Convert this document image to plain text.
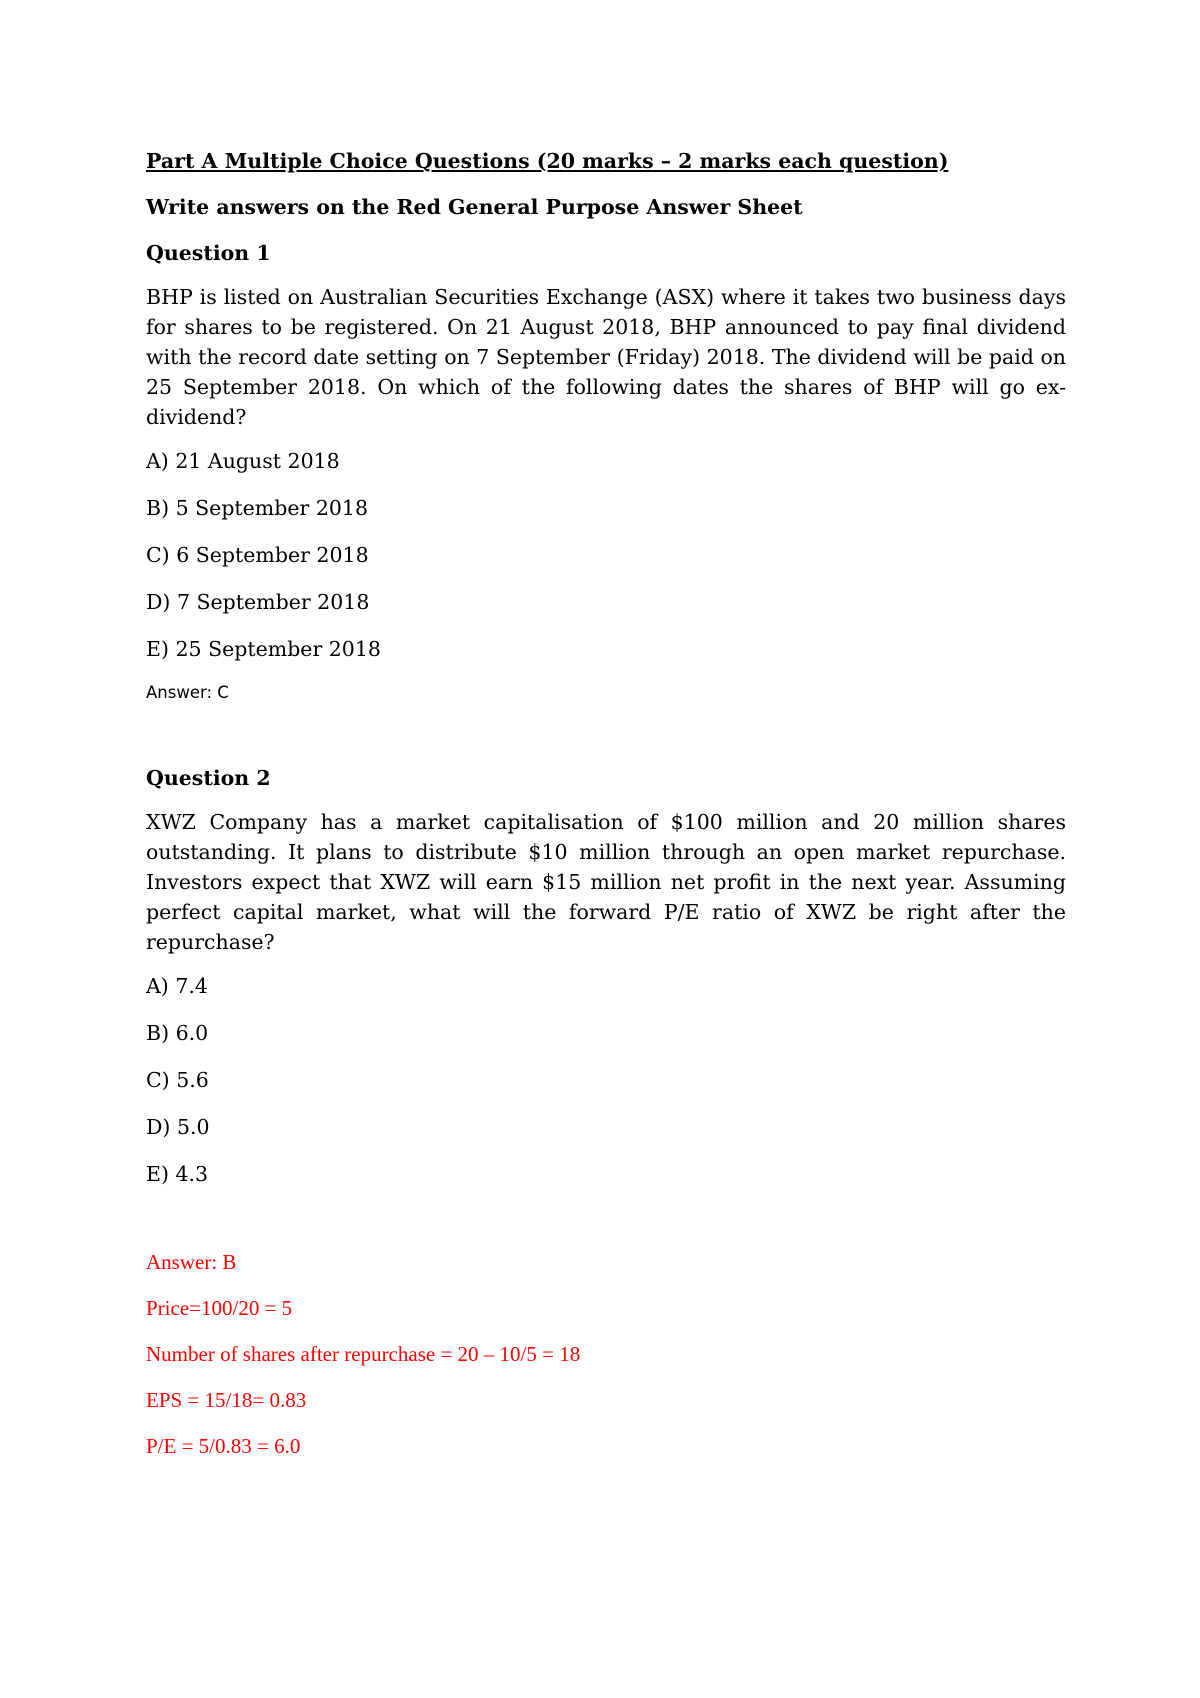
Part A Multiple Choice Questions (20 marks – 2 marks each question)

Write answers on the Red General Purpose Answer Sheet

Question 1

BHP is listed on Australian Securities Exchange (ASX) where it takes two business days for shares to be registered. On 21 August 2018, BHP announced to pay final dividend with the record date setting on 7 September (Friday) 2018. The dividend will be paid on 25 September 2018. On which of the following dates the shares of BHP will go ex-dividend?

A) 21 August 2018

B) 5 September 2018

C) 6 September 2018

D) 7 September 2018

E) 25 September 2018

Answer: C

Question 2

XWZ Company has a market capitalisation of $100 million and 20 million shares outstanding. It plans to distribute $10 million through an open market repurchase. Investors expect that XWZ will earn $15 million net profit in the next year. Assuming perfect capital market, what will the forward P/E ratio of XWZ be right after the repurchase?

A) 7.4

B) 6.0

C) 5.6

D) 5.0

E) 4.3

Answer: B

Price=100/20 = 5

Number of shares after repurchase = 20 – 10/5 = 18

EPS = 15/18= 0.83

P/E = 5/0.83 = 6.0
